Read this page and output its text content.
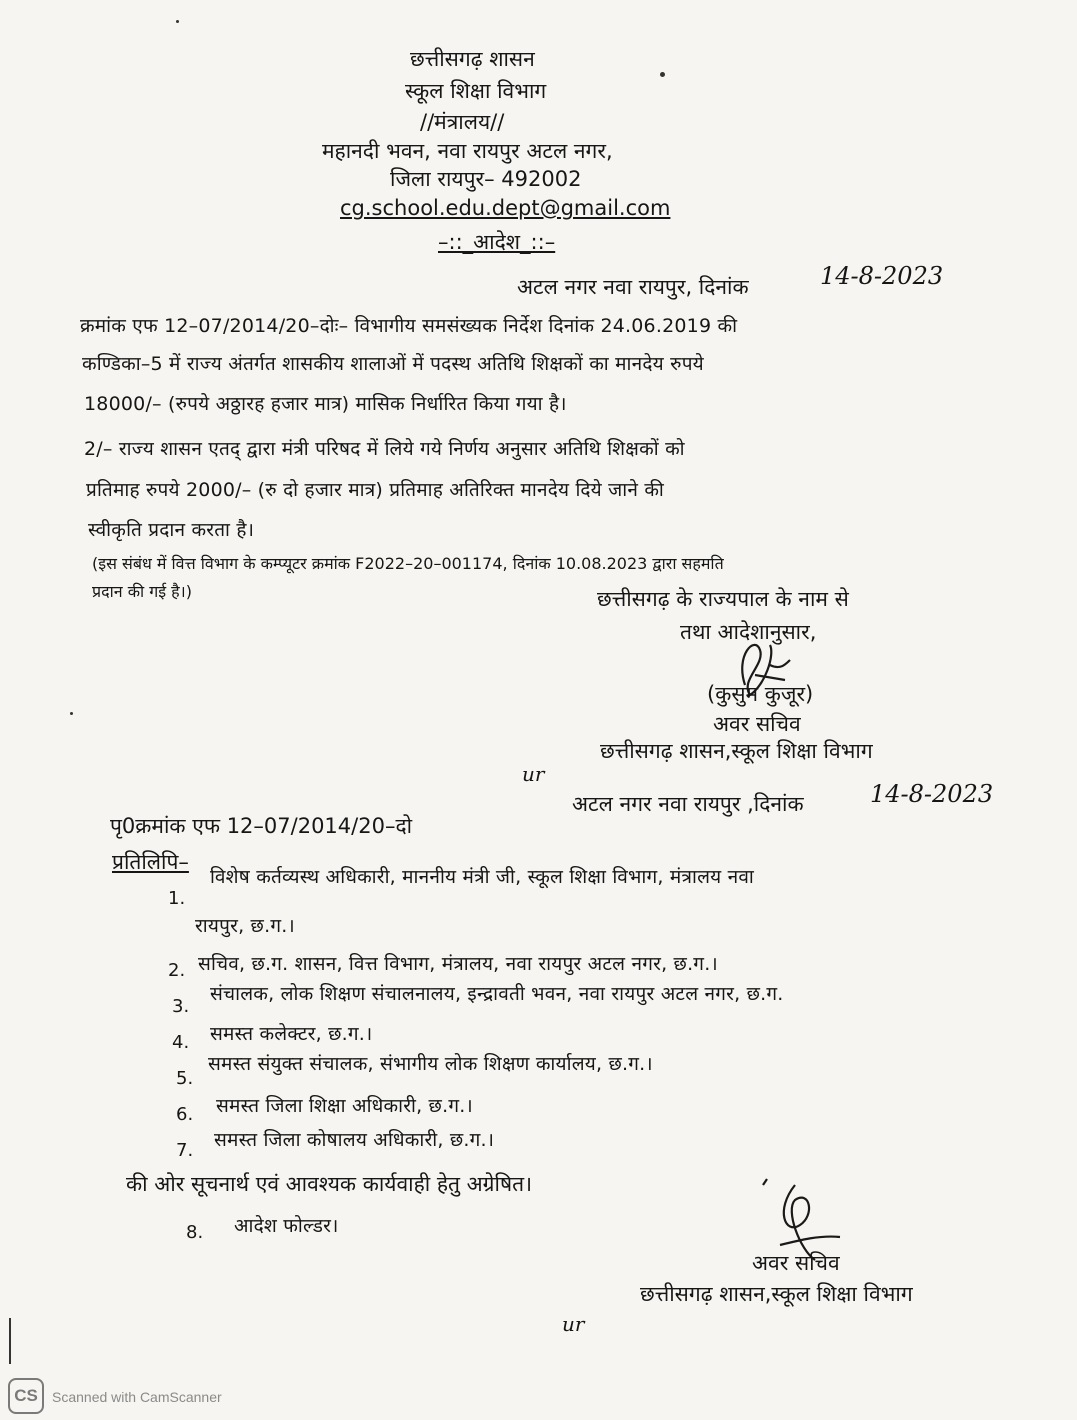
छत्तीसगढ़ शासन
स्कूल शिक्षा विभाग
//मंत्रालय//
महानदी भवन, नवा रायपुर अटल नगर,
जिला रायपुर– 492002
cg.school.edu.dept@gmail.com
–::_आदेश_::–
अटल नगर नवा रायपुर, दिनांक	14-8-2023
क्रमांक एफ 12–07/2014/20–दोः– विभागीय समसंख्यक निर्देश दिनांक 24.06.2019 की
कण्डिका–5 में राज्य अंतर्गत शासकीय शालाओं में पदस्थ अतिथि शिक्षकों का मानदेय रुपये
18000/– (रुपये अठ्ठारह हजार मात्र) मासिक निर्धारित किया गया है।
2/– राज्य शासन एतद् द्वारा मंत्री परिषद में लिये गये निर्णय अनुसार अतिथि शिक्षकों को
प्रतिमाह रुपये 2000/– (रु दो हजार मात्र) प्रतिमाह अतिरिक्त मानदेय दिये जाने की
स्वीकृति प्रदान करता है।
(इस संबंध में वित्त विभाग के कम्प्यूटर क्रमांक F2022–20–001174, दिनांक 10.08.2023 द्वारा सहमति
प्रदान की गई है।)	छत्तीसगढ़ के राज्यपाल के नाम से
तथा आदेशानुसार,
(कुसुम कुजूर)
अवर सचिव
छत्तीसगढ़ शासन,स्कूल शिक्षा विभाग
ur
अटल नगर नवा रायपुर ,दिनांक	14-8-2023
पृ0क्रमांक एफ 12–07/2014/20–दो
प्रतिलिपि–
1.
विशेष कर्तव्यस्थ अधिकारी, माननीय मंत्री जी, स्कूल शिक्षा विभाग, मंत्रालय नवा
रायपुर, छ.ग.।
2. सचिव, छ.ग. शासन, वित्त विभाग, मंत्रालय, नवा रायपुर अटल नगर, छ.ग.।
3.
संचालक, लोक शिक्षण संचालनालय, इन्द्रावती भवन, नवा रायपुर अटल नगर, छ.ग.
4. समस्त कलेक्टर, छ.ग.।
5.
समस्त संयुक्त संचालक, संभागीय लोक शिक्षण कार्यालय, छ.ग.।
6. समस्त जिला शिक्षा अधिकारी, छ.ग.।
7. समस्त जिला कोषालय अधिकारी, छ.ग.।
की ओर सूचनार्थ एवं आवश्यक कार्यवाही हेतु अग्रेषित।
8. आदेश फोल्डर।
अवर सचिव
छत्तीसगढ़ शासन,स्कूल शिक्षा विभाग
ur
CS	Scanned with CamScanner
